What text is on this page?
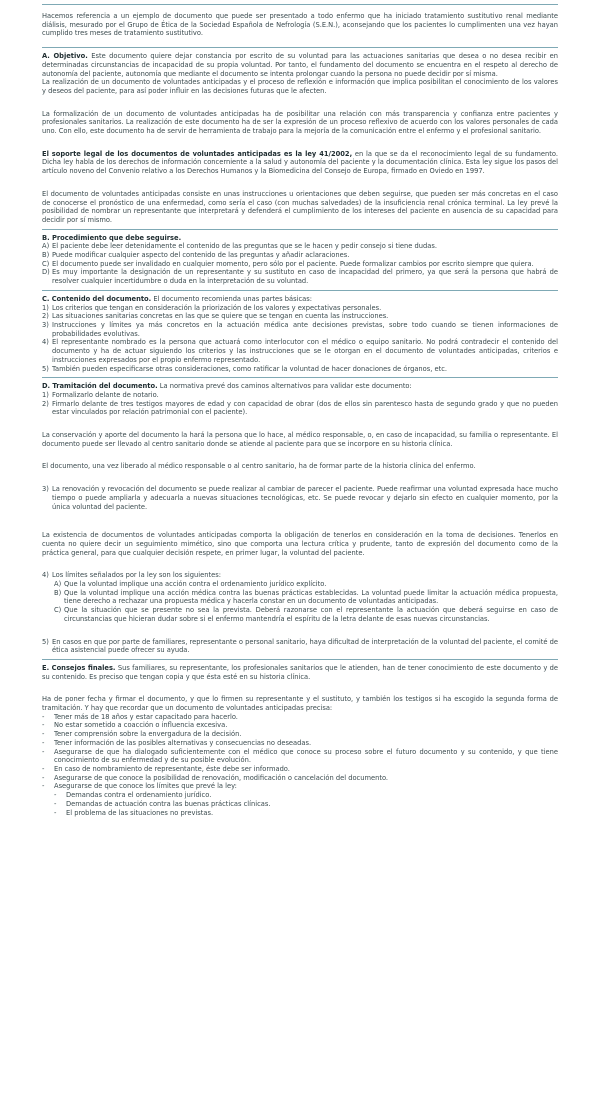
Hacemos referencia a un ejemplo de documento que puede ser presentado a todo enfermo que ha iniciado tratamiento sustitutivo renal mediante diálisis, mesurado por el Grupo de Ética de la Sociedad Española de Nefrología (S.E.N.), aconsejando que los pacientes lo cumplimenten una vez hayan cumplido tres meses de tratamiento sustitutivo.

A. Objetivo. Este documento quiere dejar constancia por escrito de su voluntad para las actuaciones sanitarias que desea o no desea recibir en determinadas circunstancias de incapacidad de su propia voluntad. Por tanto, el fundamento del documento se encuentra en el respeto al derecho de autonomía del paciente, autonomía que mediante el documento se intenta prolongar cuando la persona no puede decidir por sí misma.

La realización de un documento de voluntades anticipadas y el proceso de reflexión e información que implica posibilitan el conocimiento de los valores y deseos del paciente, para así poder influir en las decisiones futuras que le afecten.

La formalización de un documento de voluntades anticipadas ha de posibilitar una relación con más transparencia y confianza entre pacientes y profesionales sanitarios. La realización de este documento ha de ser la expresión de un proceso reflexivo de acuerdo con los valores personales de cada uno. Con ello, este documento ha de servir de herramienta de trabajo para la mejoría de la comunicación entre el enfermo y el profesional sanitario.

El soporte legal de los documentos de voluntades anticipadas es la ley 41/2002, en la que se da el reconocimiento legal de su fundamento. Dicha ley habla de los derechos de información concerniente a la salud y autonomía del paciente y la documentación clínica. Esta ley sigue los pasos del artículo noveno del Convenio relativo a los Derechos Humanos y la Biomedicina del Consejo de Europa, firmado en Oviedo en 1997.

El documento de voluntades anticipadas consiste en unas instrucciones u orientaciones que deben seguirse, que pueden ser más concretas en el caso de conocerse el pronóstico de una enfermedad, como sería el caso (con muchas salvedades) de la insuficiencia renal crónica terminal. La ley prevé la posibilidad de nombrar un representante que interpretará y defenderá el cumplimiento de los intereses del paciente en ausencia de su capacidad para decidir por sí mismo.

B. Procedimiento que debe seguirse.
A) El paciente debe leer detenidamente el contenido de las preguntas que se le hacen y pedir consejo si tiene dudas.
B) Puede modificar cualquier aspecto del contenido de las preguntas y añadir aclaraciones.
C) El documento puede ser invalidado en cualquier momento, pero sólo por el paciente. Puede formalizar cambios por escrito siempre que quiera.
D) Es muy importante la designación de un representante y su sustituto en caso de incapacidad del primero, ya que será la persona que habrá de resolver cualquier incertidumbre o duda en la interpretación de su voluntad.
C. Contenido del documento. El documento recomienda unas partes básicas:
1) Los criterios que tengan en consideración la priorización de los valores y expectativas personales.
2) Las situaciones sanitarias concretas en las que se quiere que se tengan en cuenta las instrucciones.
3) Instrucciones y límites ya más concretos en la actuación médica ante decisiones previstas, sobre todo cuando se tienen informaciones de probabilidades evolutivas.
4) El representante nombrado es la persona que actuará como interlocutor con el médico o equipo sanitario. No podrá contradecir el contenido del documento y ha de actuar siguiendo los criterios y las instrucciones que se le otorgan en el documento de voluntades anticipadas, criterios e instrucciones expresados por el propio enfermo representado.
5) También pueden especificarse otras consideraciones, como ratificar la voluntad de hacer donaciones de órganos, etc.
D. Tramitación del documento. La normativa prevé dos caminos alternativos para validar este documento:
1) Formalizarlo delante de notario.
2) Firmarlo delante de tres testigos mayores de edad y con capacidad de obrar (dos de ellos sin parentesco hasta de segundo grado y que no pueden estar vinculados por relación patrimonial con el paciente).

La conservación y aporte del documento la hará la persona que lo hace, al médico responsable, o, en caso de incapacidad, su familia o representante. El documento puede ser llevado al centro sanitario donde se atiende al paciente para que se incorpore en su historia clínica.

El documento, una vez liberado al médico responsable o al centro sanitario, ha de formar parte de la historia clínica del enfermo.

3) La renovación y revocación del documento se puede realizar al cambiar de parecer el paciente. Puede reafirmar una voluntad expresada hace mucho tiempo o puede ampliarla y adecuarla a nuevas situaciones tecnológicas, etc. Se puede revocar y dejarlo sin efecto en cualquier momento, por la única voluntad del paciente.

La existencia de documentos de voluntades anticipadas comporta la obligación de tenerlos en consideración en la toma de decisiones. Tenerlos en cuenta no quiere decir un seguimiento mimético, sino que comporta una lectura crítica y prudente, tanto de expresión del documento como de la práctica general, para que cualquier decisión respete, en primer lugar, la voluntad del paciente.

4) Los límites señalados por la ley son los siguientes:
A) Que la voluntad implique una acción contra el ordenamiento jurídico explícito.
B) Que la voluntad implique una acción médica contra las buenas prácticas establecidas. La voluntad puede limitar la actuación médica propuesta, tiene derecho a rechazar una propuesta médica y hacerla constar en un documento de voluntadas anticipadas.
C) Que la situación que se presente no sea la prevista. Deberá razonarse con el representante la actuación que deberá seguirse en caso de circunstancias que hicieran dudar sobre si el enfermo mantendría el espíritu de la letra delante de esas nuevas circunstancias.
5) En casos en que por parte de familiares, representante o personal sanitario, haya dificultad de interpretación de la voluntad del paciente, el comité de ética asistencial puede ofrecer su ayuda.

E. Consejos finales. Sus familiares, su representante, los profesionales sanitarios que le atienden, han de tener conocimiento de este documento y de su contenido. Es preciso que tengan copia y que ésta esté en su historia clínica.

Ha de poner fecha y firmar el documento, y que lo firmen su representante y el sustituto, y también los testigos si ha escogido la segunda forma de tramitación. Y hay que recordar que un documento de voluntades anticipadas precisa:

-	Tener más de 18 años y estar capacitado para hacerlo.
-	No estar sometido a coacción o influencia excesiva.
-	Tener comprensión sobre la envergadura de la decisión.
-	Tener información de las posibles alternativas y consecuencias no deseadas.
-	Asegurarse de que ha dialogado suficientemente con el médico que conoce su proceso sobre el futuro documento y su contenido, y que tiene conocimiento de su enfermedad y de su posible evolución.
-	En caso de nombramiento de representante, éste debe ser informado.
-	Asegurarse de que conoce la posibilidad de renovación, modificación o cancelación del documento.
-	Asegurarse de que conoce los límites que prevé la ley:
-	Demandas contra el ordenamiento jurídico.
-	Demandas de actuación contra las buenas prácticas clínicas.
-	El problema de las situaciones no previstas.
